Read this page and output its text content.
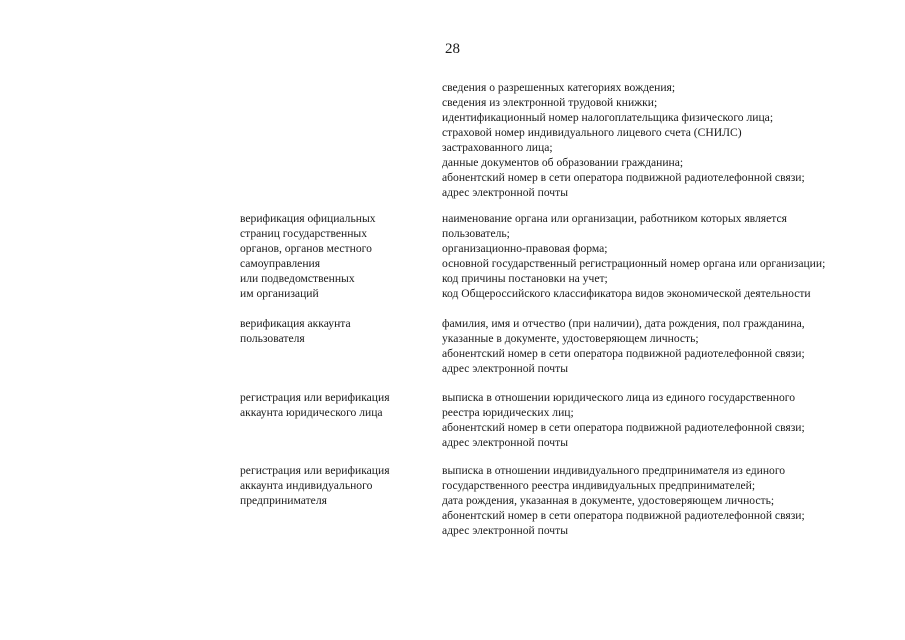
28
сведения о разрешенных категориях вождения;
сведения из электронной трудовой книжки;
идентификационный номер налогоплательщика физического лица;
страховой номер индивидуального лицевого счета (СНИЛС)
застрахованного лица;
данные документов об образовании гражданина;
абонентский номер в сети оператора подвижной радиотелефонной связи;
адрес электронной почты
верификация официальных
страниц государственных
органов, органов местного
самоуправления
или подведомственных
им организаций
наименование органа или организации, работником которых является
пользователь;
организационно-правовая форма;
основной государственный регистрационный номер органа или организации;
код причины постановки на учет;
код Общероссийского классификатора видов экономической деятельности
верификация аккаунта
пользователя
фамилия, имя и отчество (при наличии), дата рождения, пол гражданина,
указанные в документе, удостоверяющем личность;
абонентский номер в сети оператора подвижной радиотелефонной связи;
адрес электронной почты
регистрация или верификация
аккаунта юридического лица
выписка в отношении юридического лица из единого государственного
реестра юридических лиц;
абонентский номер в сети оператора подвижной радиотелефонной связи;
адрес электронной почты
регистрация или верификация
аккаунта индивидуального
предпринимателя
выписка в отношении индивидуального предпринимателя из единого
государственного реестра индивидуальных предпринимателей;
дата рождения, указанная в документе, удостоверяющем личность;
абонентский номер в сети оператора подвижной радиотелефонной связи;
адрес электронной почты
